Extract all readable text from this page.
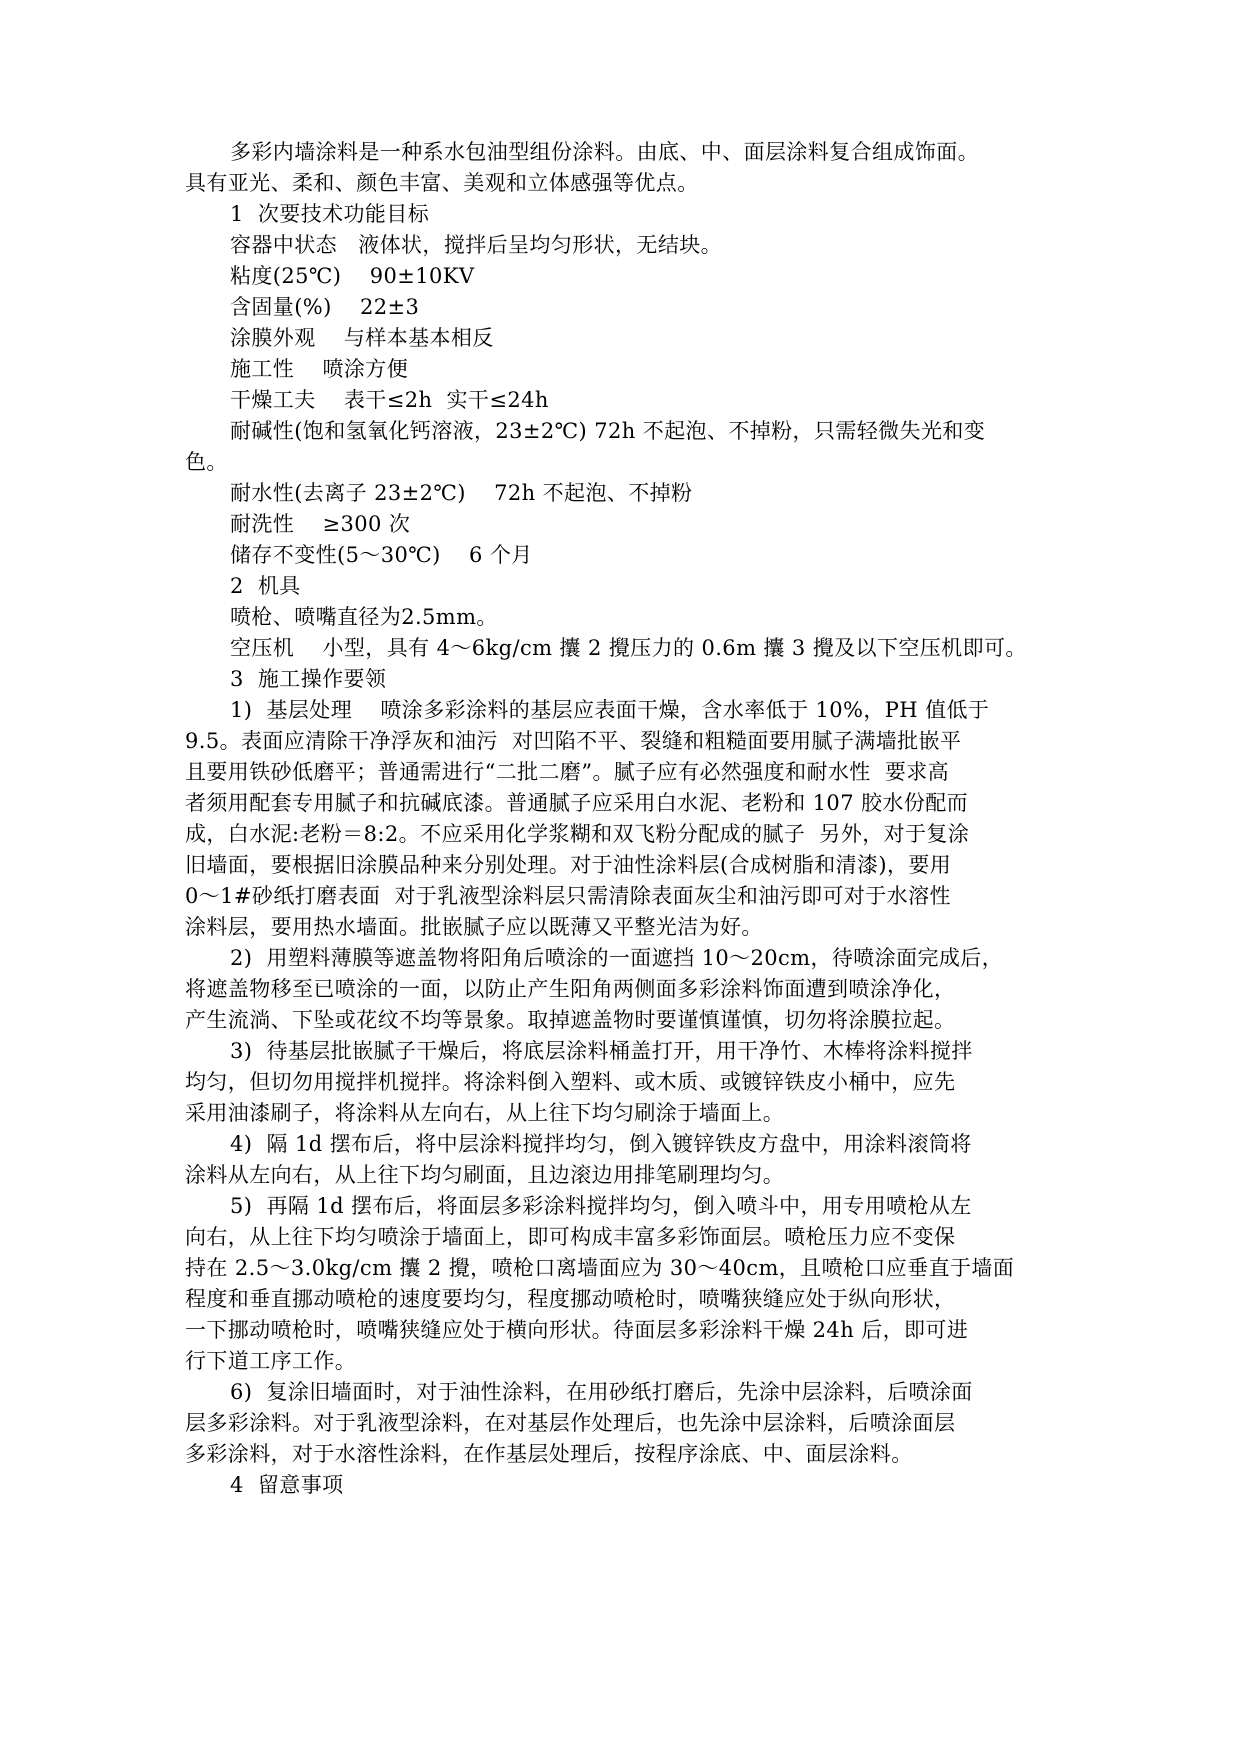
多彩内墙涂料是一种系水包油型组份涂料。由底、中、面层涂料复合组成饰面。
具有亚光、柔和、颜色丰富、美观和立体感强等优点。
1  次要技术功能目标
容器中状态   液体状，搅拌后呈均匀形状，无结块。
粘度(25℃)    90±10KV
含固量(%)    22±3
涂膜外观    与样本基本相反
施工性    喷涂方便
干燥工夫    表干≤2h  实干≤24h
耐碱性(饱和氢氧化钙溶液，23±2℃) 72h 不起泡、不掉粉，只需轻微失光和变
色。
耐水性(去离子 23±2℃)    72h 不起泡、不掉粉
耐洗性    ≥300 次
储存不变性(5～30℃)    6 个月
2  机具
喷枪、喷嘴直径为2.5mm。
空压机    小型，具有 4～6kg/cm 攮 2 攪压力的 0.6m 攮 3 攪及以下空压机即可。
3  施工操作要领
1)  基层处理    喷涂多彩涂料的基层应表面干燥，含水率低于 10%，PH 值低于
9.5。表面应清除干净浮灰和油污  对凹陷不平、裂缝和粗糙面要用腻子满墙批嵌平
且要用铁砂低磨平；普通需进行“二批二磨”。腻子应有必然强度和耐水性  要求高
者须用配套专用腻子和抗碱底漆。普通腻子应采用白水泥、老粉和 107 胶水份配而
成，白水泥:老粉＝8:2。不应采用化学浆糊和双飞粉分配成的腻子  另外，对于复涂
旧墙面，要根据旧涂膜品种来分别处理。对于油性涂料层(合成树脂和清漆)，要用
0～1#砂纸打磨表面  对于乳液型涂料层只需清除表面灰尘和油污即可对于水溶性
涂料层，要用热水墙面。批嵌腻子应以既薄又平整光洁为好。
2)  用塑料薄膜等遮盖物将阳角后喷涂的一面遮挡 10～20cm，待喷涂面完成后，
将遮盖物移至已喷涂的一面，以防止产生阳角两侧面多彩涂料饰面遭到喷涂净化，
产生流淌、下坠或花纹不均等景象。取掉遮盖物时要谨慎谨慎，切勿将涂膜拉起。
3)  待基层批嵌腻子干燥后，将底层涂料桶盖打开，用干净竹、木棒将涂料搅拌
均匀，但切勿用搅拌机搅拌。将涂料倒入塑料、或木质、或镀锌铁皮小桶中，应先
采用油漆刷子，将涂料从左向右，从上往下均匀刷涂于墙面上。
4)  隔 1d 摆布后，将中层涂料搅拌均匀，倒入镀锌铁皮方盘中，用涂料滚筒将
涂料从左向右，从上往下均匀刷面，且边滚边用排笔刷理均匀。
5)  再隔 1d 摆布后，将面层多彩涂料搅拌均匀，倒入喷斗中，用专用喷枪从左
向右，从上往下均匀喷涂于墙面上，即可构成丰富多彩饰面层。喷枪压力应不变保
持在 2.5～3.0kg/cm 攮 2 攪，喷枪口离墙面应为 30～40cm，且喷枪口应垂直于墙面
程度和垂直挪动喷枪的速度要均匀，程度挪动喷枪时，喷嘴狭缝应处于纵向形状，
一下挪动喷枪时，喷嘴狭缝应处于横向形状。待面层多彩涂料干燥 24h 后，即可进
行下道工序工作。
6)  复涂旧墙面时，对于油性涂料，在用砂纸打磨后，先涂中层涂料，后喷涂面
层多彩涂料。对于乳液型涂料，在对基层作处理后，也先涂中层涂料，后喷涂面层
多彩涂料，对于水溶性涂料，在作基层处理后，按程序涂底、中、面层涂料。
4  留意事项
